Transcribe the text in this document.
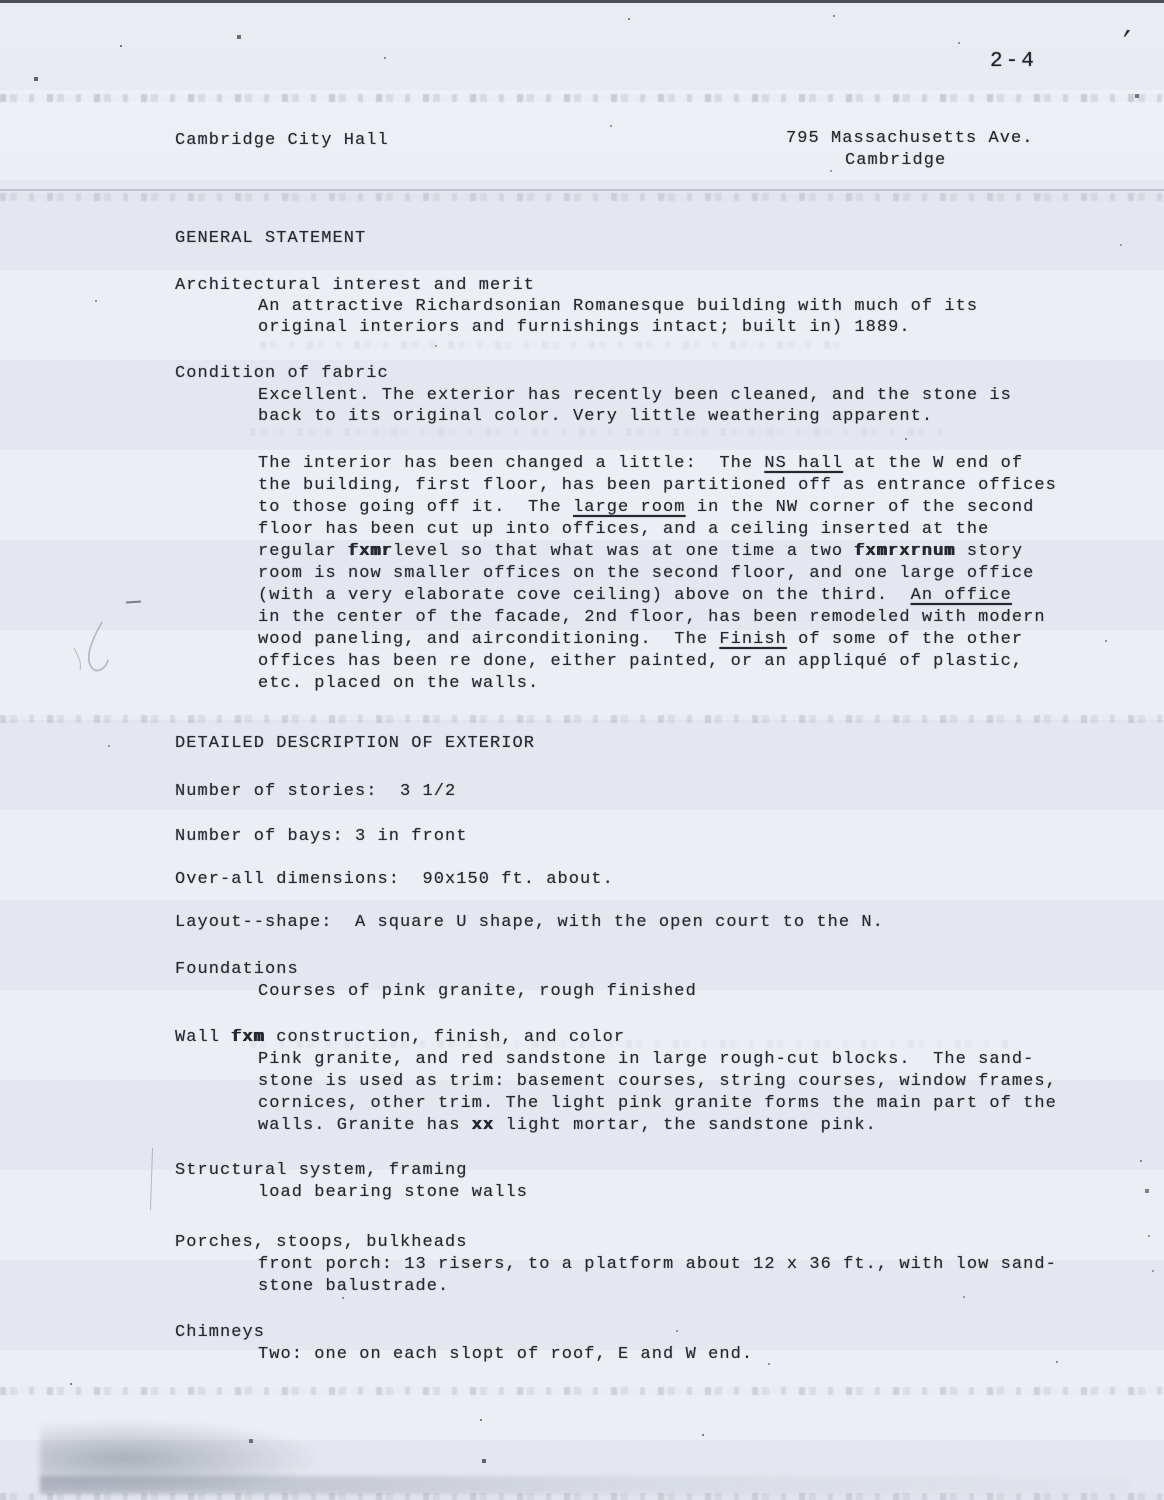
’
2-4
Cambridge City Hall	795 Massachusetts Ave.
Cambridge
GENERAL STATEMENT
Architectural interest and merit
An attractive Richardsonian Romanesque building with much of its
original interiors and furnishings intact; built in) 1889.
Condition of fabric
Excellent. The exterior has recently been cleaned, and the stone is
back to its original color. Very little weathering apparent.
The interior has been changed a little:  The NS hall at the W end of
the building, first floor, has been partitioned off as entrance offices
to those going off it.  The large room in the NW corner of the second
floor has been cut up into offices, and a ceiling inserted at the
regular fxmrlevel so that what was at one time a two fxmrxrnum story
room is now smaller offices on the second floor, and one large office
(with a very elaborate cove ceiling) above on the third.  An office
in the center of the facade, 2nd floor, has been remodeled with modern
wood paneling, and airconditioning.  The Finish of some of the other
offices has been re done, either painted, or an appliqué of plastic,
etc. placed on the walls.
DETAILED DESCRIPTION OF EXTERIOR
Number of stories:  3 1/2
Number of bays: 3 in front
Over-all dimensions:  90x150 ft. about.
Layout--shape:  A square U shape, with the open court to the N.
Foundations
Courses of pink granite, rough finished
Wall fxm construction, finish, and color
Pink granite, and red sandstone in large rough-cut blocks.  The sand-
stone is used as trim: basement courses, string courses, window frames,
cornices, other trim. The light pink granite forms the main part of the
walls. Granite has xx light mortar, the sandstone pink.
Structural system, framing
load bearing stone walls
Porches, stoops, bulkheads
front porch: 13 risers, to a platform about 12 x 36 ft., with low sand-
stone balustrade.
Chimneys
Two: one on each slopt of roof, E and W end.
